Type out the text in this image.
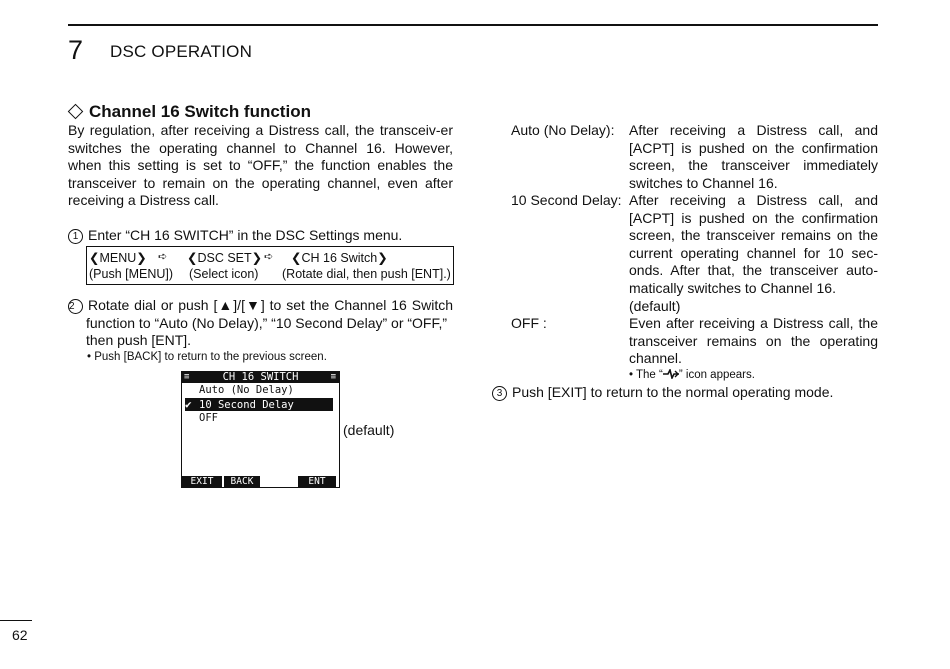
7 DSC OPERATION
Channel 16 Switch function
By regulation, after receiving a Distress call, the transceiv-er switches the operating channel to Channel 16. However, when this setting is set to “OFF,” the function enables the transceiver to remain on the operating channel, even after receiving a Distress call.
1 Enter “CH 16 SWITCH” in the DSC Settings menu.
❮MENU❯ ➪ ❮DSC SET❯ ➪ ❮CH 16 Switch❯
(Push [MENU]) (Select icon) (Rotate dial, then push [ENT].)
2 Rotate dial or push [▲]/[▼] to set the Channel 16 Switch
function to “Auto (No Delay),” “10 Second Delay” or “OFF,” then push [ENT].
• Push [BACK] to return to the previous screen.
≡	CH 16 SWITCH	≡
Auto (No Delay)
✔ 10 Second Delay
OFF
EXIT	BACK	ENT
(default)
Auto (No Delay): After receiving a Distress call, and [ACPT] is pushed on the confirmation screen, the transceiver immediately switches to Channel 16.
10 Second Delay: After receiving a Distress call, and [ACPT] is pushed on the confirmation screen, the transceiver remains on the current operating channel for 10 sec-onds. After that, the transceiver auto-matically switches to Channel 16.
(default)
OFF :	Even after receiving a Distress call, the transceiver remains on the operating channel.
• The “ ” icon appears.
3 Push [EXIT] to return to the normal operating mode.
62
